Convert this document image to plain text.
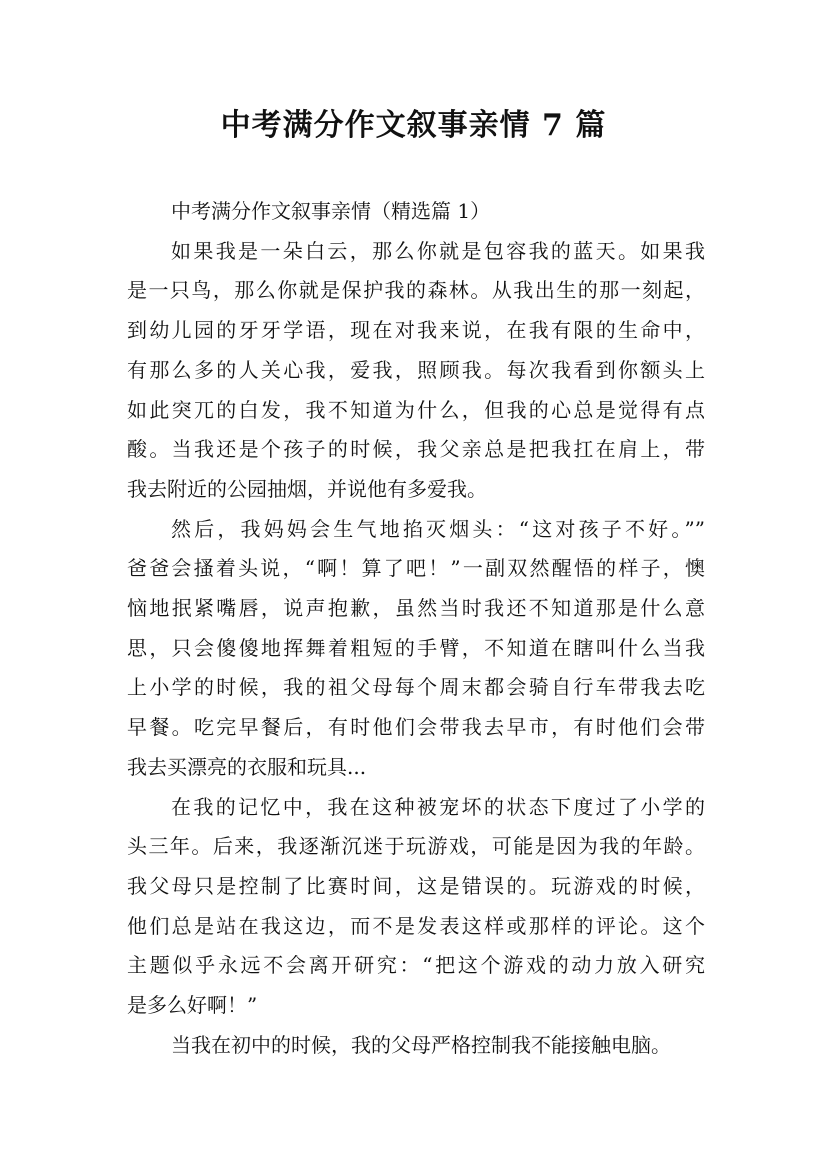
中考满分作文叙事亲情 7 篇

中考满分作文叙事亲情（精选篇 1）

如果我是一朵白云，那么你就是包容我的蓝天。如果我

是一只鸟，那么你就是保护我的森林。从我出生的那一刻起，

到幼儿园的牙牙学语，现在对我来说，在我有限的生命中，

有那么多的人关心我，爱我，照顾我。每次我看到你额头上

如此突兀的白发，我不知道为什么，但我的心总是觉得有点

酸。当我还是个孩子的时候，我父亲总是把我扛在肩上，带

我去附近的公园抽烟，并说他有多爱我。

然后，我妈妈会生气地掐灭烟头：“这对孩子不好。””

爸爸会搔着头说，“啊！算了吧！”一副双然醒悟的样子，懊

恼地抿紧嘴唇，说声抱歉，虽然当时我还不知道那是什么意

思，只会傻傻地挥舞着粗短的手臂，不知道在瞎叫什么当我

上小学的时候，我的祖父母每个周末都会骑自行车带我去吃

早餐。吃完早餐后，有时他们会带我去早市，有时他们会带

我去买漂亮的衣服和玩具...

在我的记忆中，我在这种被宠坏的状态下度过了小学的

头三年。后来，我逐渐沉迷于玩游戏，可能是因为我的年龄。

我父母只是控制了比赛时间，这是错误的。玩游戏的时候，

他们总是站在我这边，而不是发表这样或那样的评论。这个

主题似乎永远不会离开研究：“把这个游戏的动力放入研究

是多么好啊！”

当我在初中的时候，我的父母严格控制我不能接触电脑。
